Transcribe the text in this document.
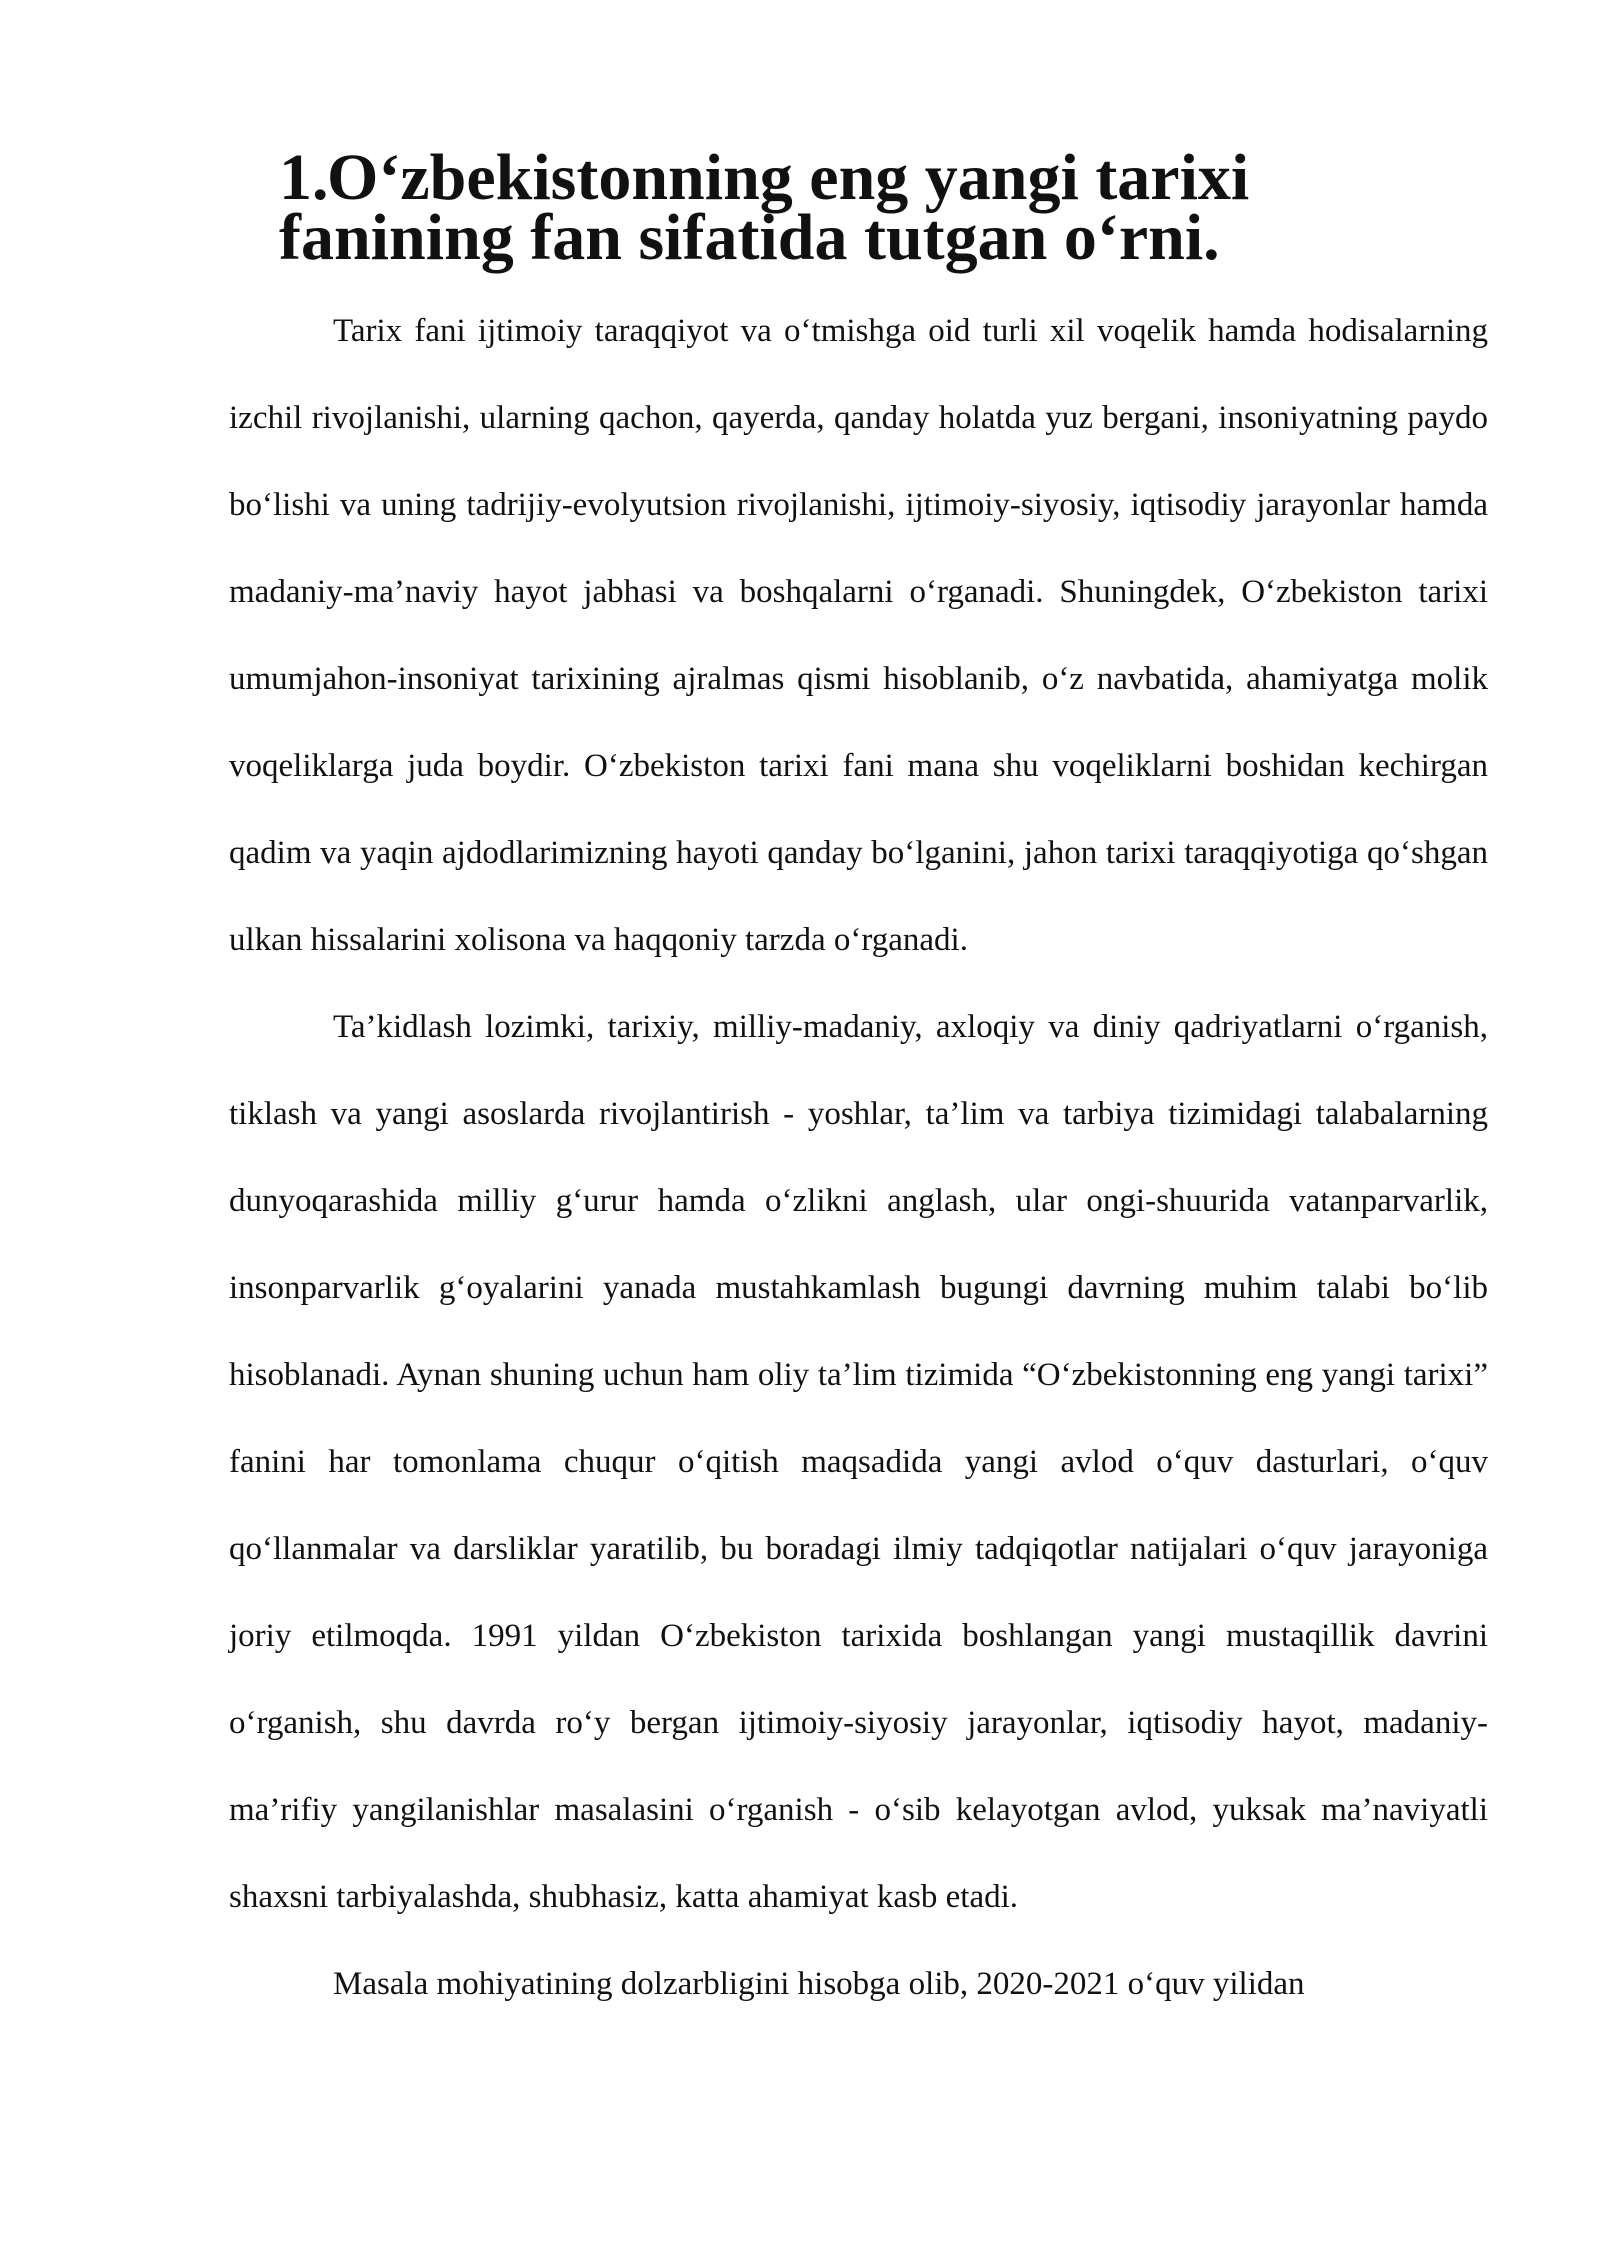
1.O‘zbekistonning eng yangi tarixi fanining fan sifatida tutgan o‘rni.

Tarix fani ijtimoiy taraqqiyot va o‘tmishga oid turli xil voqelik hamda hodisalarning izchil rivojlanishi, ularning qachon, qayerda, qanday holatda yuz bergani, insoniyatning paydo bo‘lishi va uning tadrijiy-evolyutsion rivojlanishi, ijtimoiy-siyosiy, iqtisodiy jarayonlar hamda madaniy-ma’naviy hayot jabhasi va boshqalarni o‘rganadi. Shuningdek, O‘zbekiston tarixi umumjahon-insoniyat tarixining ajralmas qismi hisoblanib, o‘z navbatida, ahamiyatga molik voqeliklarga juda boydir. O‘zbekiston tarixi fani mana shu voqeliklarni boshidan kechirgan qadim va yaqin ajdodlarimizning hayoti qanday bo‘lganini, jahon tarixi taraqqiyotiga qo‘shgan ulkan hissalarini xolisona va haqqoniy tarzda o‘rganadi.

Ta’kidlash lozimki, tarixiy, milliy-madaniy, axloqiy va diniy qadriyatlarni o‘rganish, tiklash va yangi asoslarda rivojlantirish - yoshlar, ta’lim va tarbiya tizimidagi talabalarning dunyoqarashida milliy g‘urur hamda o‘zlikni anglash, ular ongi-shuurida vatanparvarlik, insonparvarlik g‘oyalarini yanada mustahkamlash bugungi davrning muhim talabi bo‘lib hisoblanadi. Aynan shuning uchun ham oliy ta’lim tizimida “O‘zbekistonning eng yangi tarixi” fanini har tomonlama chuqur o‘qitish maqsadida yangi avlod o‘quv dasturlari, o‘quv qo‘llanmalar va darsliklar yaratilib, bu boradagi ilmiy tadqiqotlar natijalari o‘quv jarayoniga joriy etilmoqda. 1991 yildan O‘zbekiston tarixida boshlangan yangi mustaqillik davrini o‘rganish, shu davrda ro‘y bergan ijtimoiy-siyosiy jarayonlar, iqtisodiy hayot, madaniy-ma’rifiy yangilanishlar masalasini o‘rganish - o‘sib kelayotgan avlod, yuksak ma’naviyatli shaxsni tarbiyalashda, shubhasiz, katta ahamiyat kasb etadi.

Masala mohiyatining dolzarbligini hisobga olib, 2020-2021 o‘quv yilidan
